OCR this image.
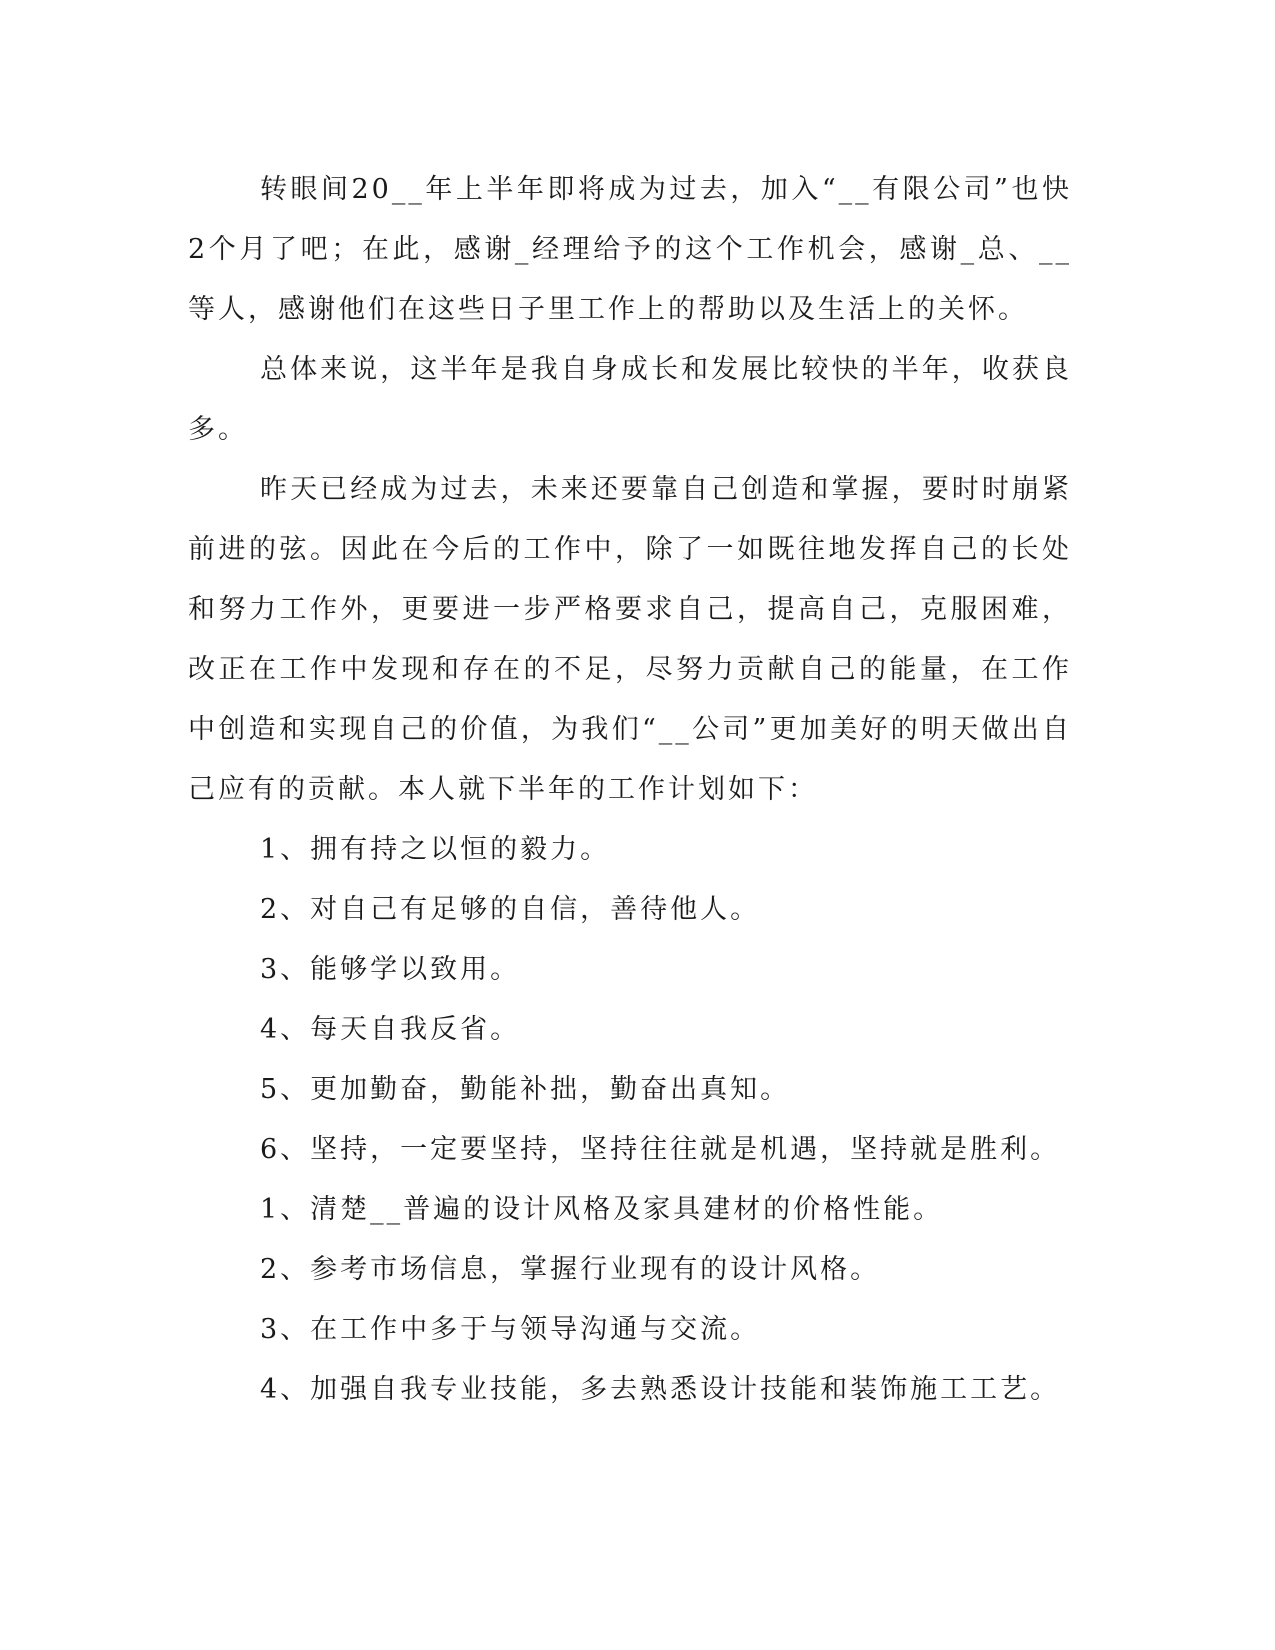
转眼间20__年上半年即将成为过去，加入“__有限公司”也快2个月了吧；在此，感谢_经理给予的这个工作机会，感谢_总、__等人，感谢他们在这些日子里工作上的帮助以及生活上的关怀。

总体来说，这半年是我自身成长和发展比较快的半年，收获良多。

昨天已经成为过去，未来还要靠自己创造和掌握，要时时崩紧前进的弦。因此在今后的工作中，除了一如既往地发挥自己的长处和努力工作外，更要进一步严格要求自己，提高自己，克服困难，改正在工作中发现和存在的不足，尽努力贡献自己的能量，在工作中创造和实现自己的价值，为我们“__公司”更加美好的明天做出自己应有的贡献。本人就下半年的工作计划如下：

1、拥有持之以恒的毅力。

2、对自己有足够的自信，善待他人。

3、能够学以致用。

4、每天自我反省。

5、更加勤奋，勤能补拙，勤奋出真知。

6、坚持，一定要坚持，坚持往往就是机遇，坚持就是胜利。

1、清楚__普遍的设计风格及家具建材的价格性能。

2、参考市场信息，掌握行业现有的设计风格。

3、在工作中多于与领导沟通与交流。

4、加强自我专业技能，多去熟悉设计技能和装饰施工工艺。
